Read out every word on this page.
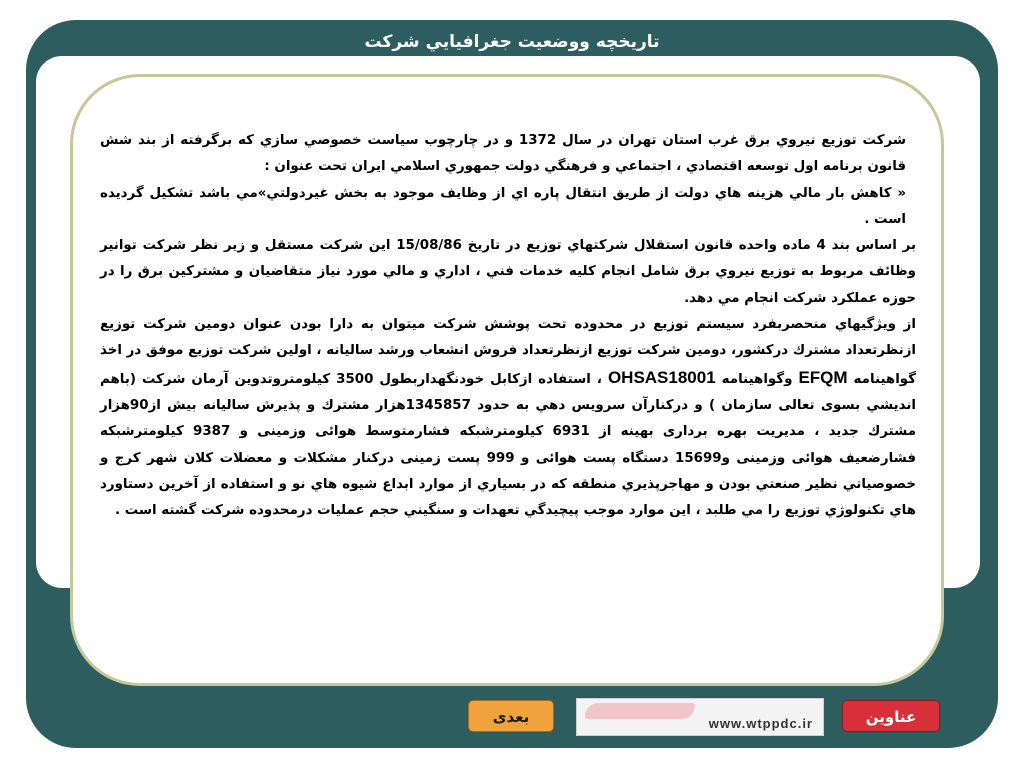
تاريخچه ووضعيت جغرافيايي شركت

شركت توزيع نيروي برق غرب استان تهران در سال 1372 و در چارچوب سياست خصوصي سازي كه برگرفته از بند شش قانون برنامه اول توسعه اقتصادي ، اجتماعي و فرهنگي دولت جمهوري اسلامي ايران تحت عنوان :

« كاهش بار مالي هزينه هاي دولت از طريق انتقال پاره اي از وظايف موجود به بخش غيردولتي»مي باشد تشكيل گرديده است .

بر اساس بند 4 ماده واحده قانون استقلال شركتهاي توزيع در تاريخ 15/08/86 اين شركت مستقل و زير نظر شركت توانير وظائف مربوط به توزيع نيروي برق شامل انجام كليه خدمات فني ، اداري و مالي مورد نياز متقاضيان و مشتركين برق را در حوزه عملكرد شركت انجام مي دهد.

از ويژگيهاي منحصربفرد سيستم توزيع در محدوده تحت پوشش شركت ميتوان به دارا بودن عنوان دومين شركت توزيع ازنظرتعداد مشترك دركشور، دومين شركت توزيع ازنظرتعداد فروش انشعاب ورشد ساليانه ، اولين شركت توزيع موفق در اخذ گواهينامه EFQM وگواهينامه OHSAS18001 ، استفاده ازكابل خودنگهداربطول 3500 كيلومتروتدوين آرمان شركت (باهم انديشي بسوى تعالى سازمان ) و دركنارآن سرويس دهي به حدود 1345857هزار مشترك و پذيرش ساليانه بيش از90هزار مشترك جديد ، مديريت بهره برداری بهينه از 6931 كيلومترشبكه فشارمتوسط هوائی وزمينی و 9387 كيلومترشبكه فشارضعيف هوائی وزمينی و15699 دستگاه پست هوائی و 999 پست زمينی دركنار مشكلات و معضلات كلان شهر كرج و خصوصياتي نظير صنعتي بودن و مهاجرپذيري منطقه كه در بسياري از موارد ابداع شيوه هاي نو و استفاده از آخرين دستاورد هاي تكنولوژي توزيع را مي طلبد ، اين موارد موجب پيچيدگي تعهدات و سنگيني حجم عمليات درمحدوده شركت گشته است .

بعدى	www.wtppdc.ir	عناوين
